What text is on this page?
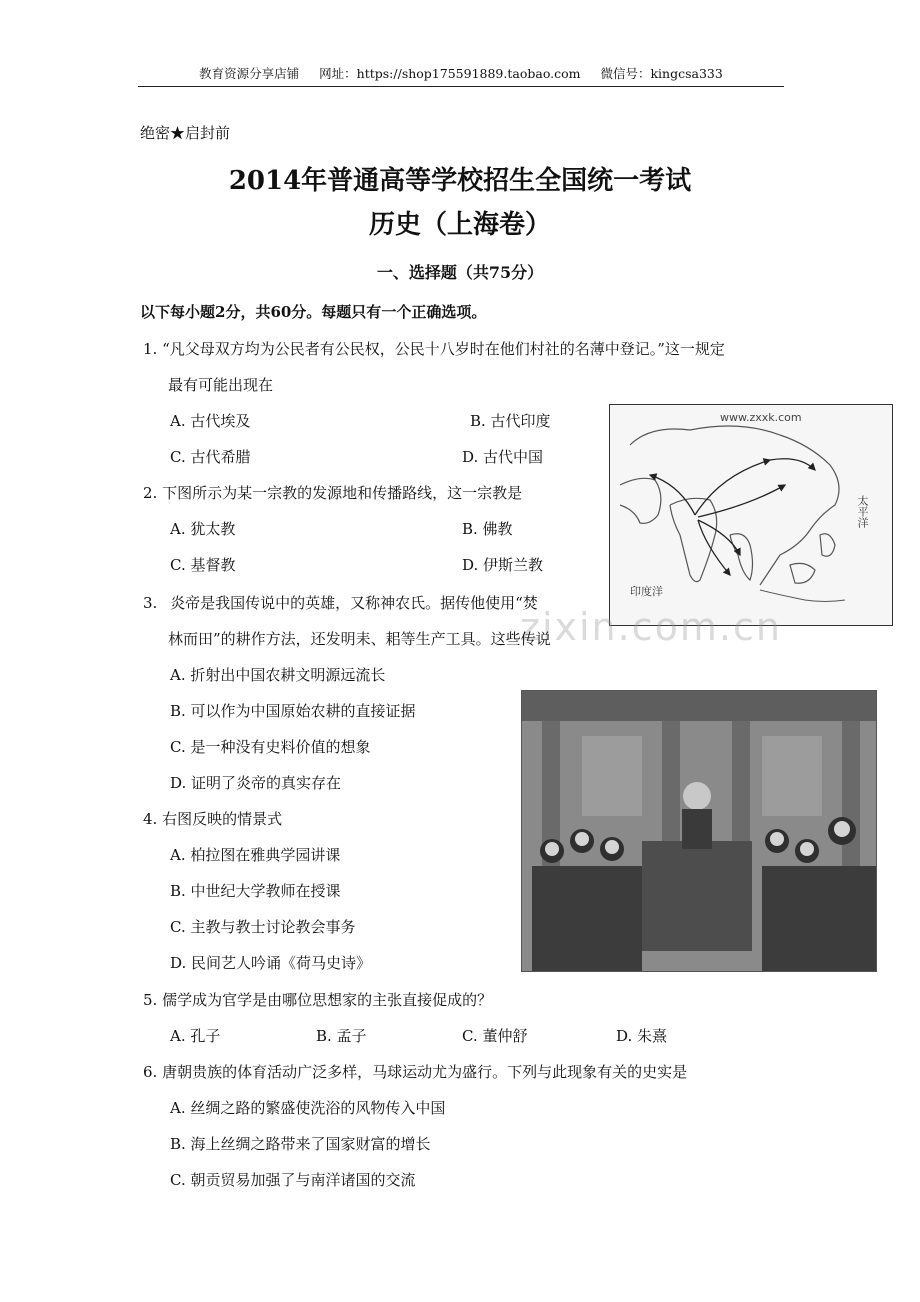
教育资源分享店铺 网址：https://shop175591889.taobao.com 微信号：kingcsa333
绝密★启封前
2014年普通高等学校招生全国统一考试
历史（上海卷）
一、选择题（共75分）
以下每小题2分，共60分。每题只有一个正确选项。
1. “凡父母双方均为公民者有公民权，公民十八岁时在他们村社的名薄中登记。”这一规定
最有可能出现在
A. 古代埃及	B. 古代印度
C. 古代希腊	D. 古代中国
2. 下图所示为某一宗教的发源地和传播路线，这一宗教是
A. 犹太教	B. 佛教
C. 基督教	D. 伊斯兰教
www.zxxk.com
太平洋
印度洋
zixin.com.cn
3. 炎帝是我国传说中的英雄，又称神农氏。据传他使用“焚
林而田”的耕作方法，还发明耒、耜等生产工具。这些传说
A. 折射出中国农耕文明源远流长
B. 可以作为中国原始农耕的直接证据
C. 是一种没有史料价值的想象
D. 证明了炎帝的真实存在
4. 右图反映的情景式
A. 柏拉图在雅典学园讲课
B. 中世纪大学教师在授课
C. 主教与教士讨论教会事务
D. 民间艺人吟诵《荷马史诗》
5. 儒学成为官学是由哪位思想家的主张直接促成的？
A. 孔子	B. 孟子	C. 董仲舒	D. 朱熹
6. 唐朝贵族的体育活动广泛多样，马球运动尤为盛行。下列与此现象有关的史实是
A. 丝绸之路的繁盛使洗浴的风物传入中国
B. 海上丝绸之路带来了国家财富的增长
C. 朝贡贸易加强了与南洋诸国的交流
